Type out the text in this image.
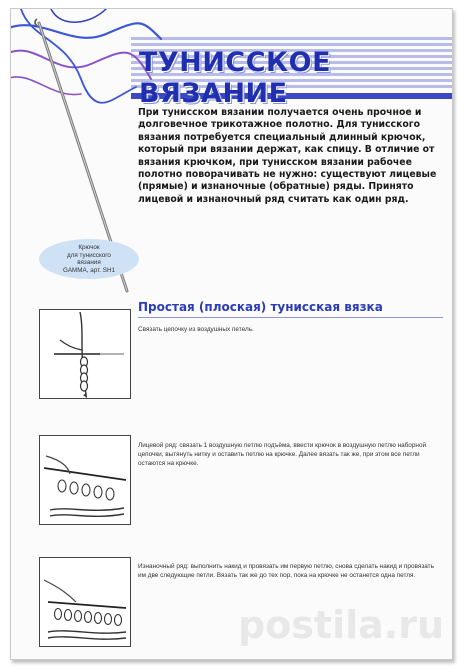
ТУНИССКОЕ ВЯЗАНИЕ

При тунисском вязании получается очень прочное и долговечное трикотажное полотно. Для тунисского вязания потребуется специальный длинный крючок, который при вязании держат, как спицу. В отличие от вязания крючком, при тунисском вязании рабочее полотно поворачивать не нужно: существуют лицевые (прямые) и изнаночные (обратные) ряды. Принято лицевой и изнаночный ряд считать как один ряд.

Крючок
для тунисского
вязания
GAMMA, арт. SH1
Простая (плоская) тунисская вязка

Связать цепочку из воздушных петель.

Лицевой ряд: связать 1 воздушную петлю подъёма, ввести крючок в воздушную петлю наборной цепочки, вытянуть нитку и оставить петлю на крючке. Далее вязать так же, при этом все петли остаются на крючке.

Изнаночный ряд: выполнить накид и провязать им первую петлю, снова сделать накид и провязать им две следующие петли. Вязать так же до тех пор, пока на крючке не останется одна петля.

postila.ru
